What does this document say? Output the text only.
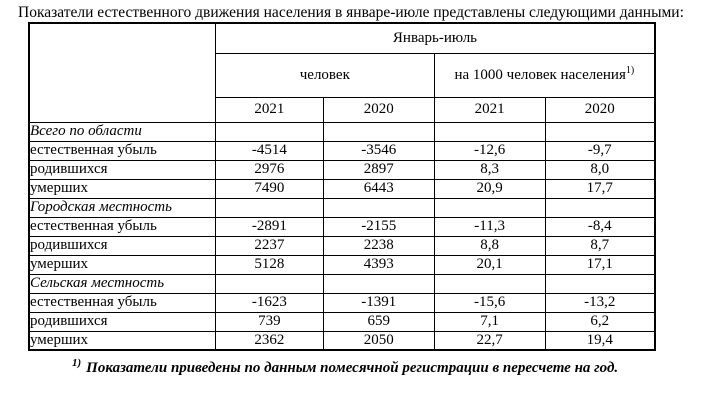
Показатели естественного движения населения в январе-июле представлены следующими данными:
	Январь-июль			
	человек		на 1000 человек населения$^{1)}$
	2021	2020	2021	2020
Всего по области				
естественная убыль	-4514	-3546	-12,6	-9,7
родившихся	2976	2897	8,3	8,0
умерших	7490	6443	20,9	17,7
Городская местность				
естественная убыль	-2891	-2155	-11,3	-8,4
родившихся	2237	2238	8,8	8,7
умерших	5128	4393	20,1	17,1
Сельская местность				
естественная убыль	-1623	-1391	-15,6	-13,2
родившихся	739	659	7,1	6,2
умерших	2362	2050	22,7	19,4
$^{1)}$ Показатели приведены по данным помесячной регистрации в пересчете на год.
